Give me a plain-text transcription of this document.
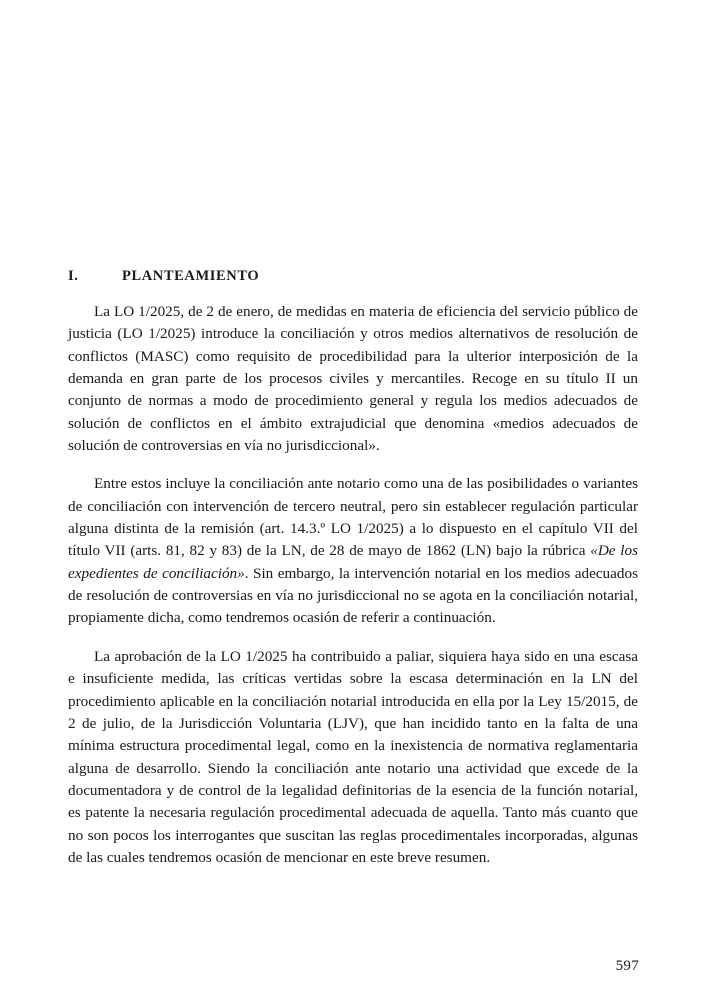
I.	PLANTEAMIENTO

La LO 1/2025, de 2 de enero, de medidas en materia de eficiencia del servicio público de justicia (LO 1/2025) introduce la conciliación y otros medios alternativos de resolución de conflictos (MASC) como requisito de procedibilidad para la ulterior interposición de la demanda en gran parte de los procesos civiles y mercantiles. Recoge en su título II un conjunto de normas a modo de procedimiento general y regula los medios adecuados de solución de conflictos en el ámbito extrajudicial que denomina «medios adecuados de solución de controversias en vía no jurisdiccional».

Entre estos incluye la conciliación ante notario como una de las posibilidades o variantes de conciliación con intervención de tercero neutral, pero sin establecer regulación particular alguna distinta de la remisión (art. 14.3.º LO 1/2025) a lo dispuesto en el capítulo VII del título VII (arts. 81, 82 y 83) de la LN, de 28 de mayo de 1862 (LN) bajo la rúbrica «De los expedientes de conciliación». Sin embargo, la intervención notarial en los medios adecuados de resolución de controversias en vía no jurisdiccional no se agota en la conciliación notarial, propiamente dicha, como tendremos ocasión de referir a continuación.

La aprobación de la LO 1/2025 ha contribuido a paliar, siquiera haya sido en una escasa e insuficiente medida, las críticas vertidas sobre la escasa determinación en la LN del procedimiento aplicable en la conciliación notarial introducida en ella por la Ley 15/2015, de 2 de julio, de la Jurisdicción Voluntaria (LJV), que han incidido tanto en la falta de una mínima estructura procedimental legal, como en la inexistencia de normativa reglamentaria alguna de desarrollo. Siendo la conciliación ante notario una actividad que excede de la documentadora y de control de la legalidad definitorias de la esencia de la función notarial, es patente la necesaria regulación procedimental adecuada de aquella. Tanto más cuanto que no son pocos los interrogantes que suscitan las reglas procedimentales incorporadas, algunas de las cuales tendremos ocasión de mencionar en este breve resumen.

597
